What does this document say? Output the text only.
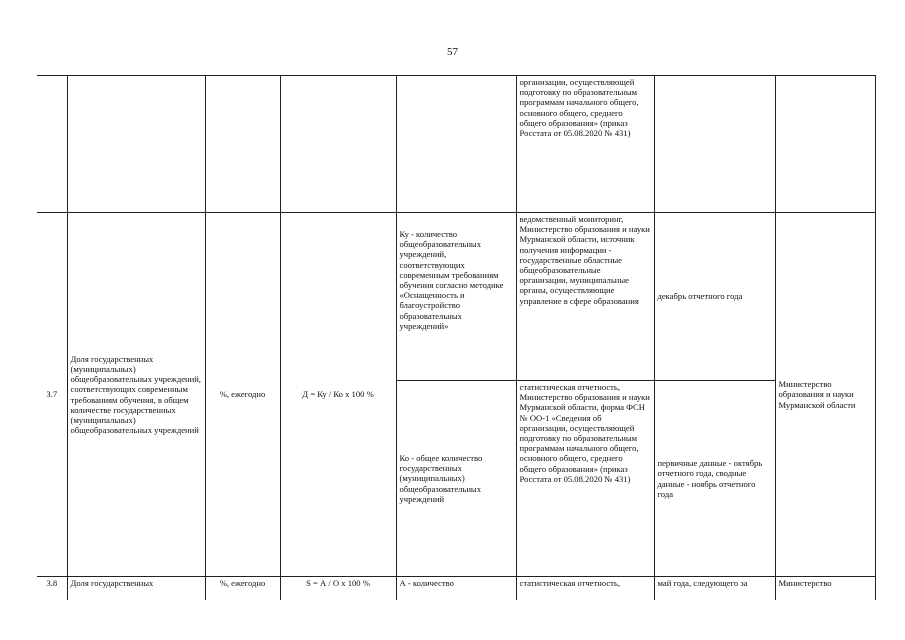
57
					организации, осуществляющей подготовку по образовательным программам начального общего, основного общего, среднего общего образования» (приказ Росстата от 05.08.2020 № 431)		
3.7	Доля государственных (муниципальных) общеобразовательных учреждений, соответствующих современным требованиям обучения, в общем количестве государственных (муниципальных) общеобразовательных учреждений	%, ежегодно	Д = Ку / Ко х 100 %	Ку - количество общеобразовательных учреждений, соответствующих современным требованиям обучения согласно методике «Оснащенность и благоустройство образовательных учреждений»	ведомственный мониторинг, Министерство образования и науки Мурманской области, источник получения информации - государственные областные общеобразовательные организации, муниципальные органы, осуществляющие управление в сфере образования	декабрь отчетного года	Министерство образования и науки Мурманской области
				Ко - общее количество государственных (муниципальных) общеобразовательных учреждений	статистическая отчетность, Министерство образования и науки Мурманской области, форма ФСН № ОО-1 «Сведения об организации, осуществляющей подготовку по образовательным программам начального общего, основного общего, среднего общего образования» (приказ Росстата от 05.08.2020 № 431)	первичные данные - октябрь отчетного года, сводные данные - ноябрь отчетного года	
3.8	Доля государственных	%, ежегодно	S = А / О х 100 %	А - количество	статистическая отчетность,	май года, следующего за	Министерство
